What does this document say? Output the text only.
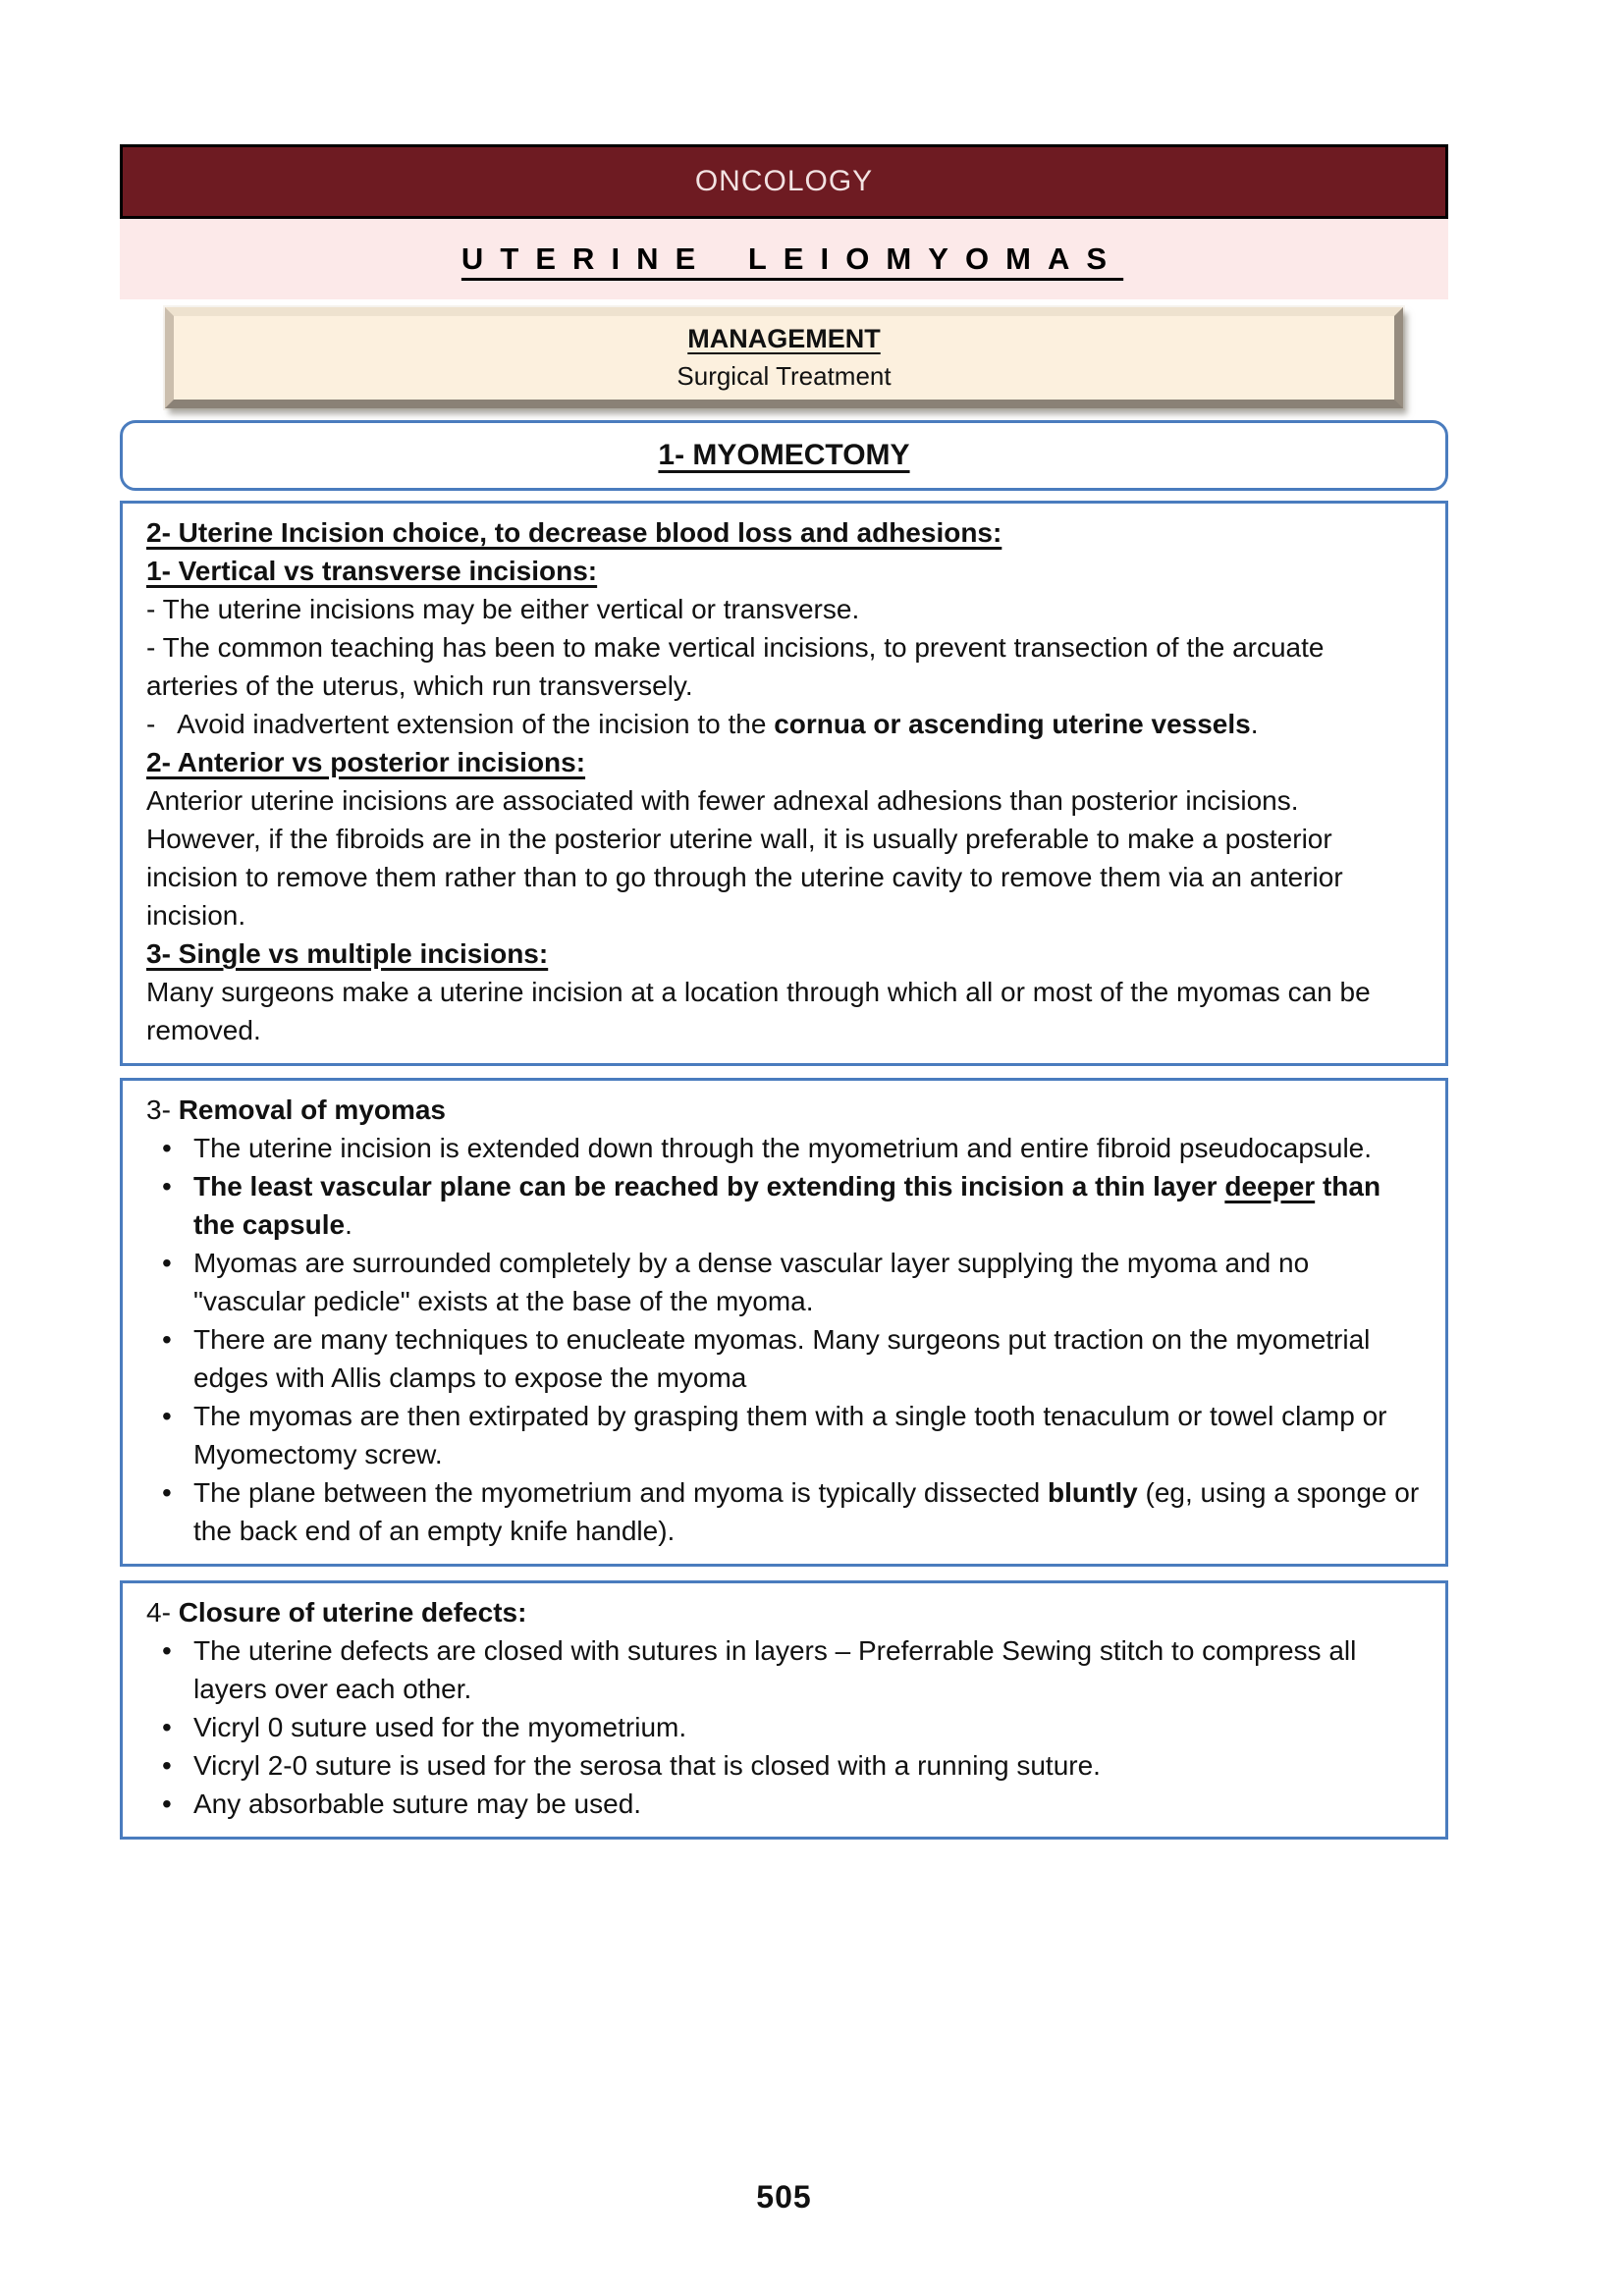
ONCOLOGY
UTERINE LEIOMYOMAS
MANAGEMENT
Surgical Treatment
1- MYOMECTOMY
2- Uterine Incision choice, to decrease blood loss and adhesions:
1- Vertical vs transverse incisions:
- The uterine incisions may be either vertical or transverse.
- The common teaching has been to make vertical incisions, to prevent transection of the arcuate arteries of the uterus, which run transversely.
-   Avoid inadvertent extension of the incision to the cornua or ascending uterine vessels.
2- Anterior vs posterior incisions:
Anterior uterine incisions are associated with fewer adnexal adhesions than posterior incisions. However, if the fibroids are in the posterior uterine wall, it is usually preferable to make a posterior incision to remove them rather than to go through the uterine cavity to remove them via an anterior incision.
3- Single vs multiple incisions:
Many surgeons make a uterine incision at a location through which all or most of the myomas can be removed.
3- Removal of myomas
• The uterine incision is extended down through the myometrium and entire fibroid pseudocapsule.
• The least vascular plane can be reached by extending this incision a thin layer deeper than the capsule.
• Myomas are surrounded completely by a dense vascular layer supplying the myoma and no "vascular pedicle" exists at the base of the myoma.
• There are many techniques to enucleate myomas. Many surgeons put traction on the myometrial edges with Allis clamps to expose the myoma
• The myomas are then extirpated by grasping them with a single tooth tenaculum or towel clamp or Myomectomy screw.
• The plane between the myometrium and myoma is typically dissected bluntly (eg, using a sponge or the back end of an empty knife handle).
4- Closure of uterine defects:
• The uterine defects are closed with sutures in layers – Preferrable Sewing stitch to compress all layers over each other.
• Vicryl 0 suture used for the myometrium.
• Vicryl 2-0 suture is used for the serosa that is closed with a running suture.
• Any absorbable suture may be used.
505
